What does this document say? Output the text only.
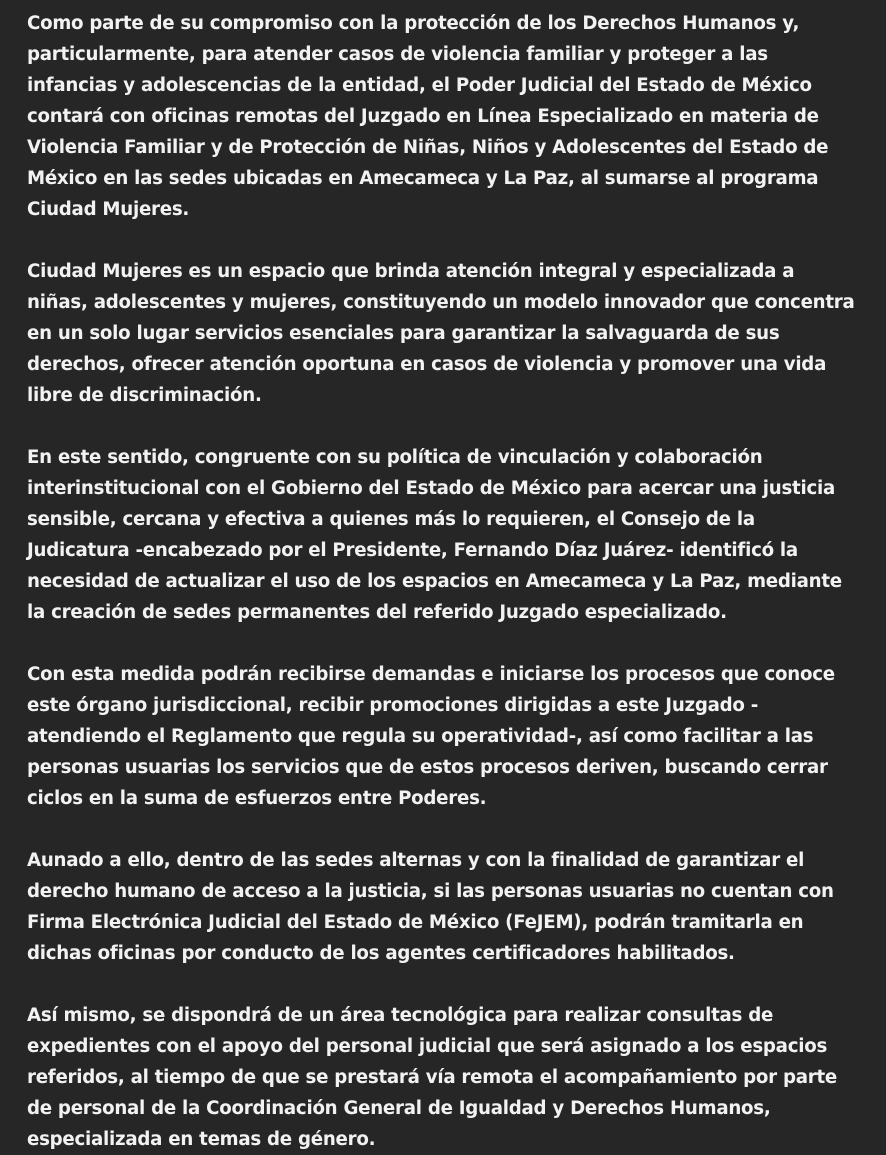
Como parte de su compromiso con la protección de los Derechos Humanos y, particularmente, para atender casos de violencia familiar y proteger a las infancias y adolescencias de la entidad, el Poder Judicial del Estado de México contará con oficinas remotas del Juzgado en Línea Especializado en materia de Violencia Familiar y de Protección de Niñas, Niños y Adolescentes del Estado de México en las sedes ubicadas en Amecameca y La Paz, al sumarse al programa Ciudad Mujeres.

Ciudad Mujeres es un espacio que brinda atención integral y especializada a niñas, adolescentes y mujeres, constituyendo un modelo innovador que concentra en un solo lugar servicios esenciales para garantizar la salvaguarda de sus derechos, ofrecer atención oportuna en casos de violencia y promover una vida libre de discriminación.

En este sentido, congruente con su política de vinculación y colaboración interinstitucional con el Gobierno del Estado de México para acercar una justicia sensible, cercana y efectiva a quienes más lo requieren, el Consejo de la Judicatura -encabezado por el Presidente, Fernando Díaz Juárez- identificó la necesidad de actualizar el uso de los espacios en Amecameca y La Paz, mediante la creación de sedes permanentes del referido Juzgado especializado.

Con esta medida podrán recibirse demandas e iniciarse los procesos que conoce este órgano jurisdiccional, recibir promociones dirigidas a este Juzgado -atendiendo el Reglamento que regula su operatividad-, así como facilitar a las personas usuarias los servicios que de estos procesos deriven, buscando cerrar ciclos en la suma de esfuerzos entre Poderes.

Aunado a ello, dentro de las sedes alternas y con la finalidad de garantizar el derecho humano de acceso a la justicia, si las personas usuarias no cuentan con Firma Electrónica Judicial del Estado de México (FeJEM), podrán tramitarla en dichas oficinas por conducto de los agentes certificadores habilitados.

Así mismo, se dispondrá de un área tecnológica para realizar consultas de expedientes con el apoyo del personal judicial que será asignado a los espacios referidos, al tiempo de que se prestará vía remota el acompañamiento por parte de personal de la Coordinación General de Igualdad y Derechos Humanos, especializada en temas de género.
